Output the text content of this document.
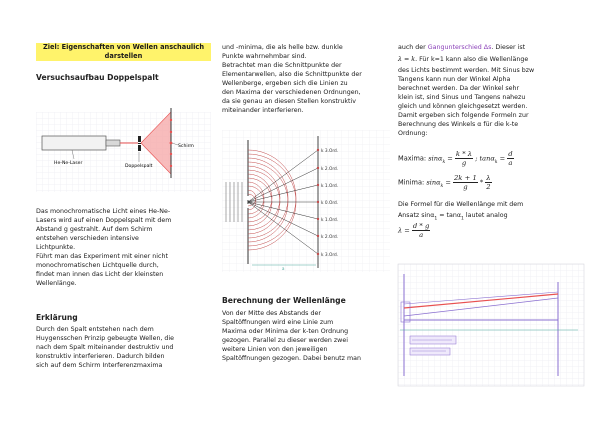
Ziel: Eigenschaften von Wellen anschaulich
darstellen
Versuchsaufbau Doppelspalt
He-Ne-Laser
Doppelspalt
Schirm
Das monochromatische Licht eines He-Ne-
Lasers wird auf einen Doppelspalt mit dem
Abstand g gestrahlt. Auf dem Schirm
entstehen verschieden intensive
Lichtpunkte.
Führt man das Experiment mit einer nicht
monochromatischen Lichtquelle durch,
findet man innen das Licht der kleinsten
Wellenlänge.
Erklärung
Durch den Spalt entstehen nach dem
Huygensschen Prinzip gebeugte Wellen, die
nach dem Spalt miteinander destruktiv und
konstruktiv interferieren. Dadurch bilden
sich auf dem Schirm Interferenzmaxima
und -minima, die als helle bzw. dunkle
Punkte wahrnehmbar sind.
Betrachtet man die Schnittpunkte der
Elementarwellen, also die Schnittpunkte der
Wellenberge, ergeben sich die Linien zu
den Maxima der verschiedenen Ordnungen,
da sie genau an diesen Stellen konstruktiv
miteinander interferieren.
a
k 3.Ord.
k 2.Ord.
k 1.Ord.
k 0.Ord.
k 1.Ord.
k 2.Ord.
k 3.Ord.
Berechnung der Wellenlänge
Von der Mitte des Abstands der
Spaltöffnungen wird eine Linie zum
Maxima oder Minima der k-ten Ordnung
gezogen. Parallel zu dieser werden zwei
weitere Linien von den jeweiligen
Spaltöffnungen gezogen. Dabei benutz man
auch der Gangunterschied Δs. Dieser ist
λ = k. Für k=1 kann also die Wellenlänge
des Lichts bestimmt werden. Mit Sinus bzw
Tangens kann nun der Winkel Alpha
berechnet werden. Da der Winkel sehr
klein ist, sind Sinus und Tangens nahezu
gleich und können gleichgesetzt werden.
Damit ergeben sich folgende Formeln zur
Berechnung des Winkels α für die k-te
Ordnung:
Maxima: $\sin\alpha_k = \frac{k * \lambda}{g}$ ; $\tan\alpha_k = \frac{d}{a}$
Minima: $\sin\alpha_k = \frac{2k + 1}{g} * \frac{\lambda}{2}$
Die Formel für die Wellenlänge mit dem
Ansatz sinα$_1$ = tanα$_1$ lautet analog
$\lambda = \frac{d * g}{a}$
